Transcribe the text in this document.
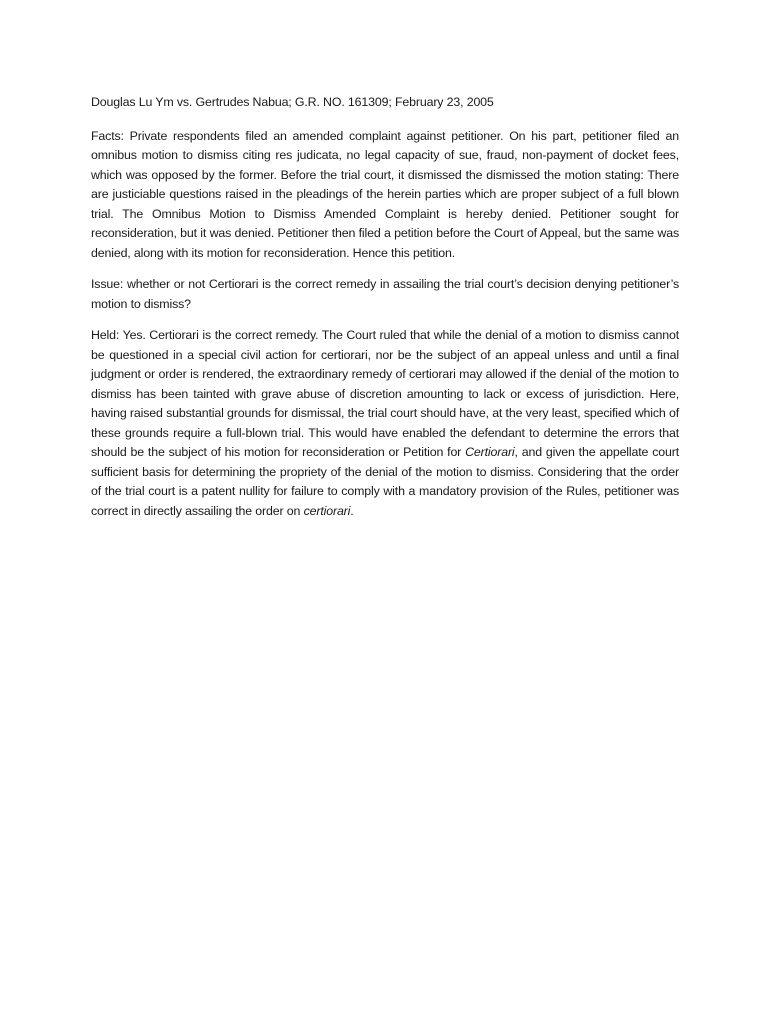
Douglas Lu Ym vs. Gertrudes Nabua; G.R. NO. 161309; February 23, 2005

Facts: Private respondents filed an amended complaint against petitioner. On his part, petitioner filed an omnibus motion to dismiss citing res judicata, no legal capacity of sue, fraud, non-payment of docket fees, which was opposed by the former. Before the trial court, it dismissed the dismissed the motion stating: There are justiciable questions raised in the pleadings of the herein parties which are proper subject of a full blown trial. The Omnibus Motion to Dismiss Amended Complaint is hereby denied. Petitioner sought for reconsideration, but it was denied. Petitioner then filed a petition before the Court of Appeal, but the same was denied, along with its motion for reconsideration. Hence this petition.

Issue: whether or not Certiorari is the correct remedy in assailing the trial court’s decision denying petitioner’s motion to dismiss?

Held: Yes. Certiorari is the correct remedy. The Court ruled that while the denial of a motion to dismiss cannot be questioned in a special civil action for certiorari, nor be the subject of an appeal unless and until a final judgment or order is rendered, the extraordinary remedy of certiorari may allowed if the denial of the motion to dismiss has been tainted with grave abuse of discretion amounting to lack or excess of jurisdiction. Here, having raised substantial grounds for dismissal, the trial court should have, at the very least, specified which of these grounds require a full-blown trial. This would have enabled the defendant to determine the errors that should be the subject of his motion for reconsideration or Petition for Certiorari, and given the appellate court sufficient basis for determining the propriety of the denial of the motion to dismiss. Considering that the order of the trial court is a patent nullity for failure to comply with a mandatory provision of the Rules, petitioner was correct in directly assailing the order on certiorari.
